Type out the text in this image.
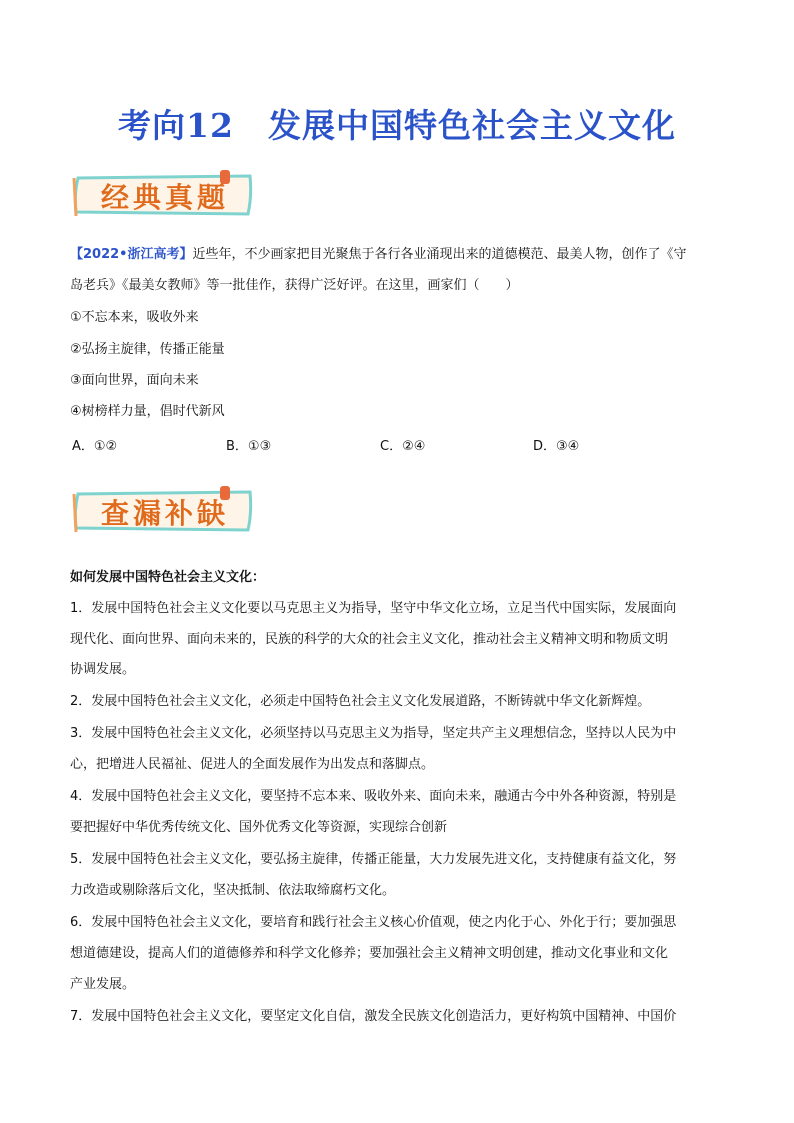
考向12　发展中国特色社会主义文化
经典真题
【2022•浙江高考】近些年，不少画家把目光聚焦于各行各业涌现出来的道德模范、最美人物，创作了《守
岛老兵》《最美女教师》等一批佳作，获得广泛好评。在这里，画家们（　　）
①不忘本来，吸收外来
②弘扬主旋律，传播正能量
③面向世界，面向未来
④树榜样力量，倡时代新风
A．①②	B．①③	C．②④	D．③④
查漏补缺
如何发展中国特色社会主义文化：
1．发展中国特色社会主义文化要以马克思主义为指导，坚守中华文化立场，立足当代中国实际，发展面向
现代化、面向世界、面向未来的，民族的科学的大众的社会主义文化，推动社会主义精神文明和物质文明
协调发展。
2．发展中国特色社会主义文化，必须走中国特色社会主义文化发展道路，不断铸就中华文化新辉煌。
3．发展中国特色社会主义文化，必须坚持以马克思主义为指导，坚定共产主义理想信念，坚持以人民为中
心，把增进人民福祉、促进人的全面发展作为出发点和落脚点。
4．发展中国特色社会主义文化，要坚持不忘本来、吸收外来、面向未来，融通古今中外各种资源，特别是
要把握好中华优秀传统文化、国外优秀文化等资源，实现综合创新
5．发展中国特色社会主义文化，要弘扬主旋律，传播正能量，大力发展先进文化，支持健康有益文化，努
力改造或剔除落后文化，坚决抵制、依法取缔腐朽文化。
6．发展中国特色社会主义文化，要培育和践行社会主义核心价值观，使之内化于心、外化于行；要加强思
想道德建设，提高人们的道德修养和科学文化修养；要加强社会主义精神文明创建，推动文化事业和文化
产业发展。
7．发展中国特色社会主义文化，要坚定文化自信，激发全民族文化创造活力，更好构筑中国精神、中国价
